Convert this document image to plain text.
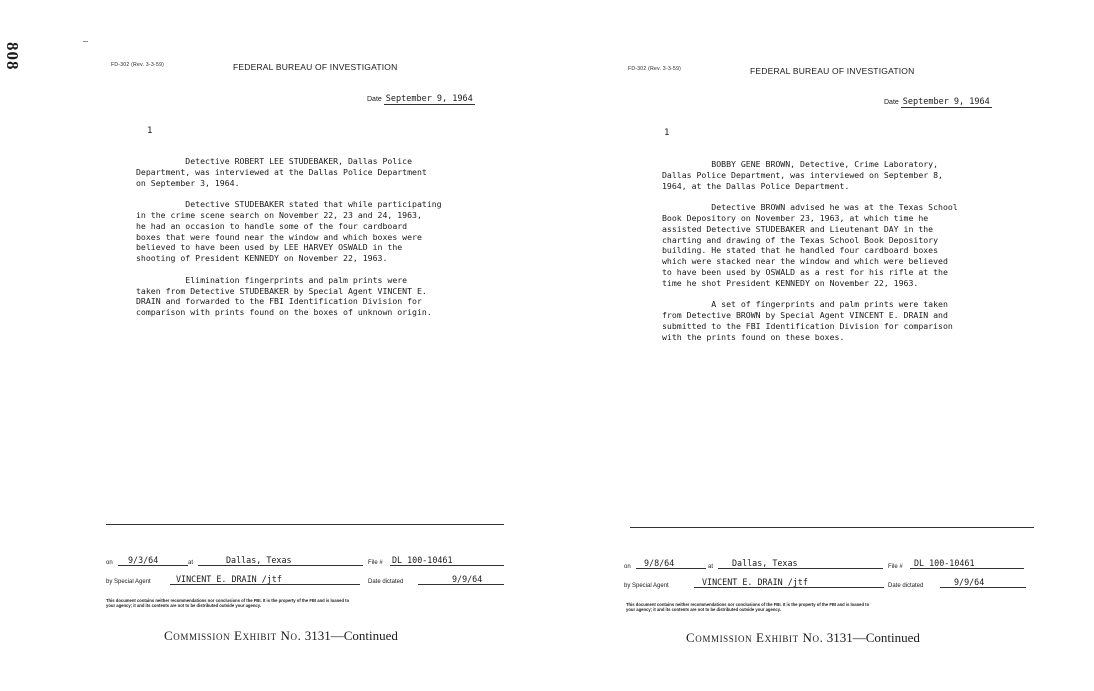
808	FD-302 (Rev. 3-3-59)	FEDERAL BUREAU OF INVESTIGATION
Date September 9, 1964
1
Detective ROBERT LEE STUDEBAKER, Dallas Police
Department, was interviewed at the Dallas Police Department
on September 3, 1964.

Detective STUDEBAKER stated that while participating
in the crime scene search on November 22, 23 and 24, 1963,
he had an occasion to handle some of the four cardboard
boxes that were found near the window and which boxes were
believed to have been used by LEE HARVEY OSWALD in the
shooting of President KENNEDY on November 22, 1963.

Elimination fingerprints and palm prints were
taken from Detective STUDEBAKER by Special Agent VINCENT E.
DRAIN and forwarded to the FBI Identification Division for
comparison with prints found on the boxes of unknown origin.
on 9/3/64	at	Dallas, Texas	File # DL 100-10461
by Special Agent	VINCENT E. DRAIN /jtf	Date dictated	9/9/64
This document contains neither recommendations nor conclusions of the FBI. It is the property of the FBI and is loaned to
your agency; it and its contents are not to be distributed outside your agency.
Commission Exhibit No. 3131—Continued
FD-302 (Rev. 3-3-59)	FEDERAL BUREAU OF INVESTIGATION
Date September 9, 1964
1
BOBBY GENE BROWN, Detective, Crime Laboratory,
Dallas Police Department, was interviewed on September 8,
1964, at the Dallas Police Department.

Detective BROWN advised he was at the Texas School
Book Depository on November 23, 1963, at which time he
assisted Detective STUDEBAKER and Lieutenant DAY in the
charting and drawing of the Texas School Book Depository
building. He stated that he handled four cardboard boxes
which were stacked near the window and which were believed
to have been used by OSWALD as a rest for his rifle at the
time he shot President KENNEDY on November 22, 1963.

A set of fingerprints and palm prints were taken
from Detective BROWN by Special Agent VINCENT E. DRAIN and
submitted to the FBI Identification Division for comparison
with the prints found on these boxes.
on 9/8/64	at Dallas, Texas	File # DL 100-10461
by Special Agent	VINCENT E. DRAIN /jtf	Date dictated	9/9/64
This document contains neither recommendations nor conclusions of the FBI. It is the property of the FBI and is loaned to
your agency; it and its contents are not to be distributed outside your agency.
Commission Exhibit No. 3131—Continued
